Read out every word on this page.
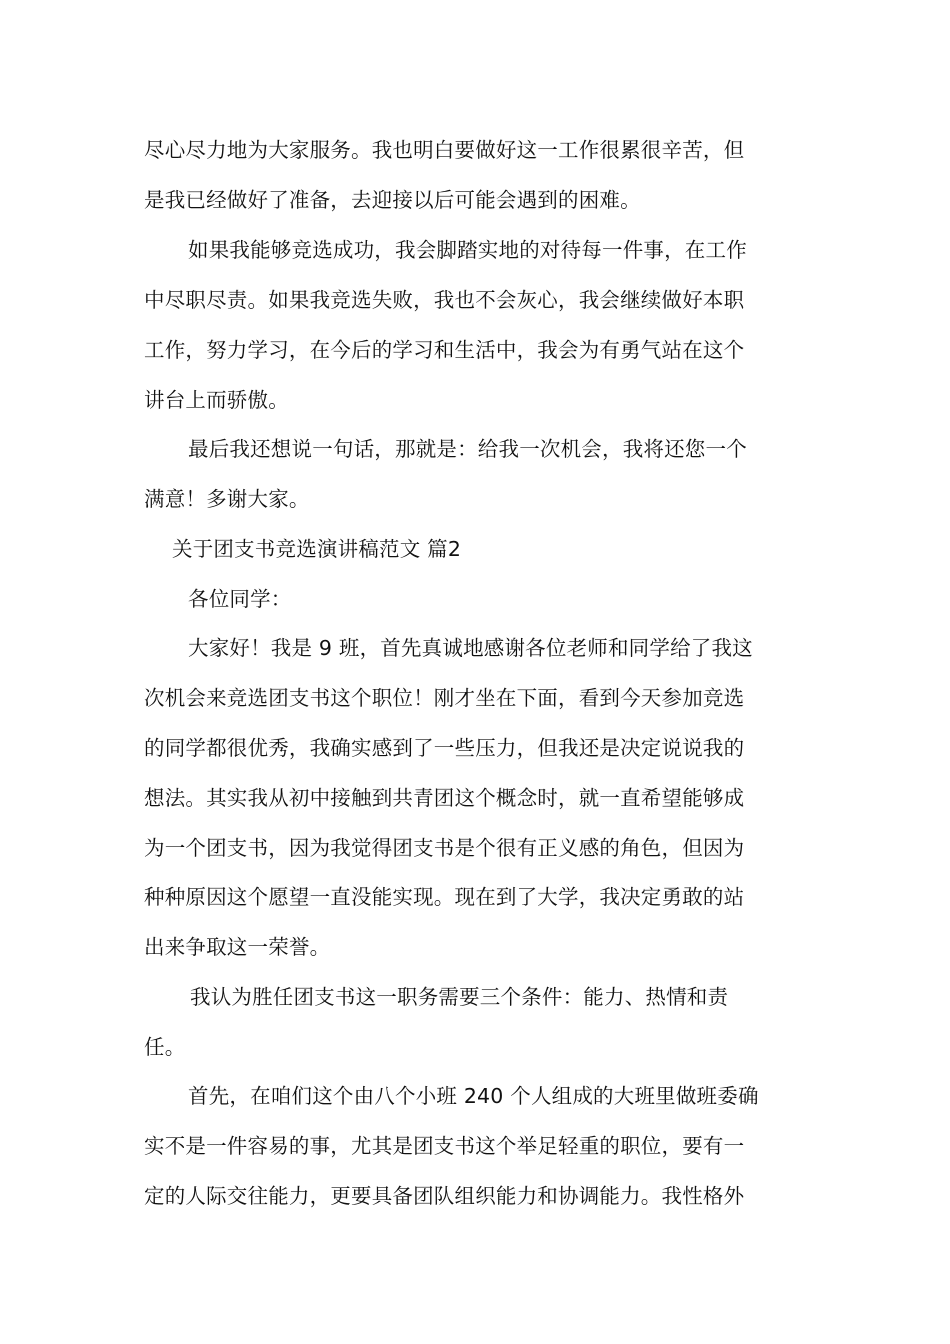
尽心尽力地为大家服务。我也明白要做好这一工作很累很辛苦，但
是我已经做好了准备，去迎接以后可能会遇到的困难。
如果我能够竞选成功，我会脚踏实地的对待每一件事，在工作
中尽职尽责。如果我竞选失败，我也不会灰心，我会继续做好本职
工作，努力学习，在今后的学习和生活中，我会为有勇气站在这个
讲台上而骄傲。
最后我还想说一句话，那就是：给我一次机会，我将还您一个
满意！多谢大家。
关于团支书竞选演讲稿范文 篇2
各位同学：
大家好！我是 9 班，首先真诚地感谢各位老师和同学给了我这
次机会来竞选团支书这个职位！刚才坐在下面，看到今天参加竞选
的同学都很优秀，我确实感到了一些压力，但我还是决定说说我的
想法。其实我从初中接触到共青团这个概念时，就一直希望能够成
为一个团支书，因为我觉得团支书是个很有正义感的角色，但因为
种种原因这个愿望一直没能实现。现在到了大学，我决定勇敢的站
出来争取这一荣誉。
我认为胜任团支书这一职务需要三个条件：能力、热情和责
任。
首先，在咱们这个由八个小班 240 个人组成的大班里做班委确
实不是一件容易的事，尤其是团支书这个举足轻重的职位，要有一
定的人际交往能力，更要具备团队组织能力和协调能力。我性格外
